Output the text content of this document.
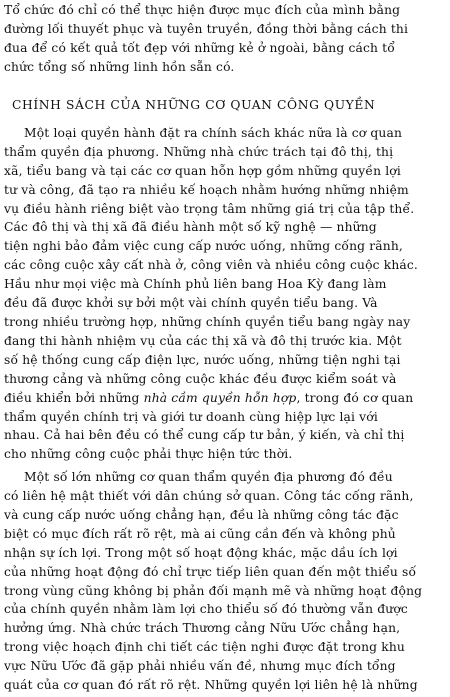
Tổ chức đó chỉ có thể thực hiện được mục đích của mình bằng
đường lối thuyết phục và tuyên truyền, đồng thời bằng cách thi
đua để có kết quả tốt đẹp với những kẻ ở ngoài, bằng cách tổ
chức tổng số những linh hồn sẵn có.
CHÍNH SÁCH CỦA NHỮNG CƠ QUAN CÔNG QUYỀN
Một loại quyền hành đặt ra chính sách khác nữa là cơ quan
thẩm quyền địa phương. Những nhà chức trách tại đô thị, thị
xã, tiểu bang và tại các cơ quan hỗn hợp gồm những quyền lợi
tư và công, đã tạo ra nhiều kế hoạch nhằm hướng những nhiệm
vụ điều hành riêng biệt vào trọng tâm những giá trị của tập thể.
Các đô thị và thị xã đã điều hành một số kỹ nghệ — những
tiện nghi bảo đảm việc cung cấp nước uống, những cống rãnh,
các công cuộc xây cất nhà ở, công viên và nhiều công cuộc khác.
Hầu như mọi việc mà Chính phủ liên bang Hoa Kỳ đang làm
đều đã được khởi sự bởi một vài chính quyền tiểu bang. Và
trong nhiều trường hợp, những chính quyền tiểu bang ngày nay
đang thi hành nhiệm vụ của các thị xã và đô thị trước kia. Một
số hệ thống cung cấp điện lực, nước uống, những tiện nghi tại
thương cảng và những công cuộc khác đều được kiểm soát và
điều khiển bởi những nhà cầm quyền hỗn hợp, trong đó cơ quan
thẩm quyền chính trị và giới tư doanh cùng hiệp lực lại với
nhau. Cả hai bên đều có thể cung cấp tư bản, ý kiến, và chỉ thị
cho những công cuộc phải thực hiện tức thời.
Một số lớn những cơ quan thẩm quyền địa phương đó đều
có liên hệ mật thiết với dân chúng sở quan. Công tác cống rãnh,
và cung cấp nước uống chẳng hạn, đều là những công tác đặc
biệt có mục đích rất rõ rệt, mà ai cũng cần đến và không phủ
nhận sự ích lợi. Trong một số hoạt động khác, mặc dầu ích lợi
của những hoạt động đó chỉ trực tiếp liên quan đến một thiểu số
trong vùng cũng không bị phản đối mạnh mẽ và những hoạt động
của chính quyền nhằm làm lợi cho thiểu số đó thường vẫn được
hưởng ứng. Nhà chức trách Thương cảng Nữu Ước chẳng hạn,
trong việc hoạch định chi tiết các tiện nghi được đặt trong khu
vực Nữu Ước đã gặp phải nhiều vấn đề, nhưng mục đích tổng
quát của cơ quan đó rất rõ rệt. Những quyền lợi liên hệ là những
